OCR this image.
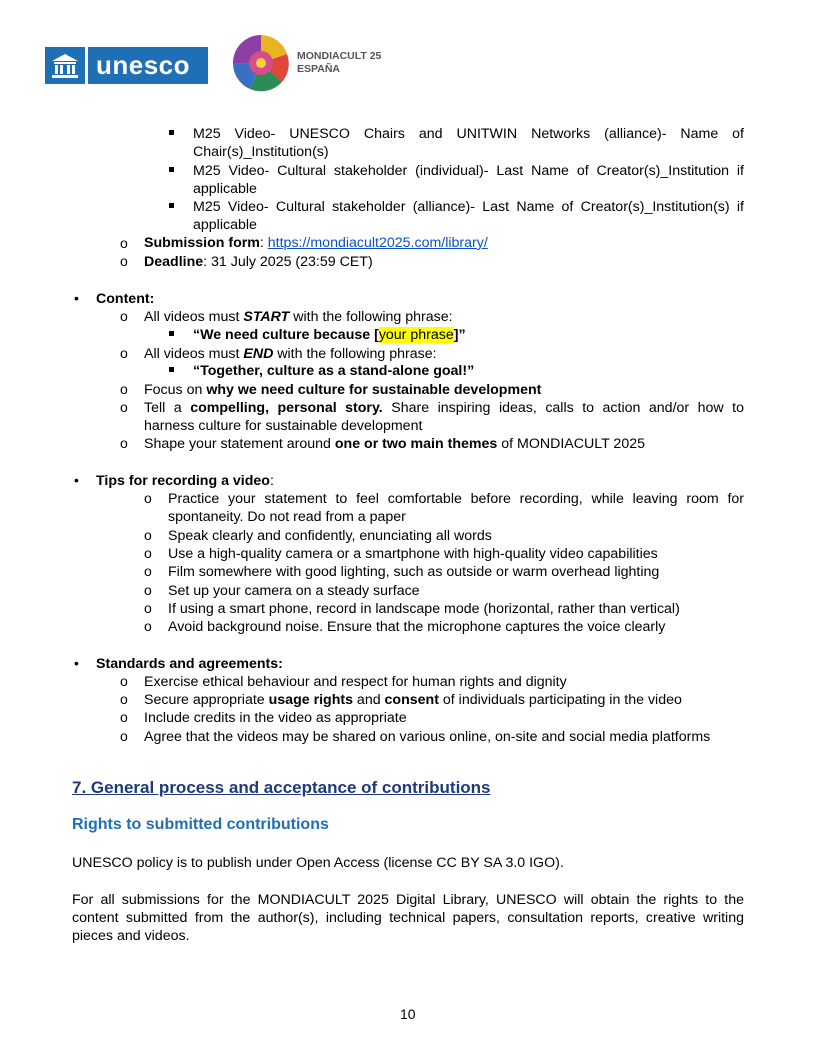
unesco	MONDIACULT 25
ESPAÑA
M25 Video- UNESCO Chairs and UNITWIN Networks (alliance)- Name of
Chair(s)_Institution(s)
M25 Video- Cultural stakeholder (individual)- Last Name of Creator(s)_Institution if
applicable
M25 Video- Cultural stakeholder (alliance)- Last Name of Creator(s)_Institution(s) if
applicable
o Submission form: https://mondiacult2025.com/library/
o Deadline: 31 July 2025 (23:59 CET)
• Content:
o All videos must START with the following phrase:
“We need culture because [your phrase]”
o All videos must END with the following phrase:
“Together, culture as a stand-alone goal!”
o Focus on why we need culture for sustainable development
o Tell a compelling, personal story. Share inspiring ideas, calls to action and/or how to
harness culture for sustainable development
o Shape your statement around one or two main themes of MONDIACULT 2025
• Tips for recording a video:
o Practice your statement to feel comfortable before recording, while leaving room for
spontaneity. Do not read from a paper
o Speak clearly and confidently, enunciating all words
o Use a high-quality camera or a smartphone with high-quality video capabilities
o Film somewhere with good lighting, such as outside or warm overhead lighting
o Set up your camera on a steady surface
o If using a smart phone, record in landscape mode (horizontal, rather than vertical)
o Avoid background noise. Ensure that the microphone captures the voice clearly
• Standards and agreements:
o Exercise ethical behaviour and respect for human rights and dignity
o Secure appropriate usage rights and consent of individuals participating in the video
o Include credits in the video as appropriate
o Agree that the videos may be shared on various online, on-site and social media platforms
7. General process and acceptance of contributions
Rights to submitted contributions
UNESCO policy is to publish under Open Access (license CC BY SA 3.0 IGO).
For all submissions for the MONDIACULT 2025 Digital Library, UNESCO will obtain the rights to the
content submitted from the author(s), including technical papers, consultation reports, creative writing
pieces and videos.
10
